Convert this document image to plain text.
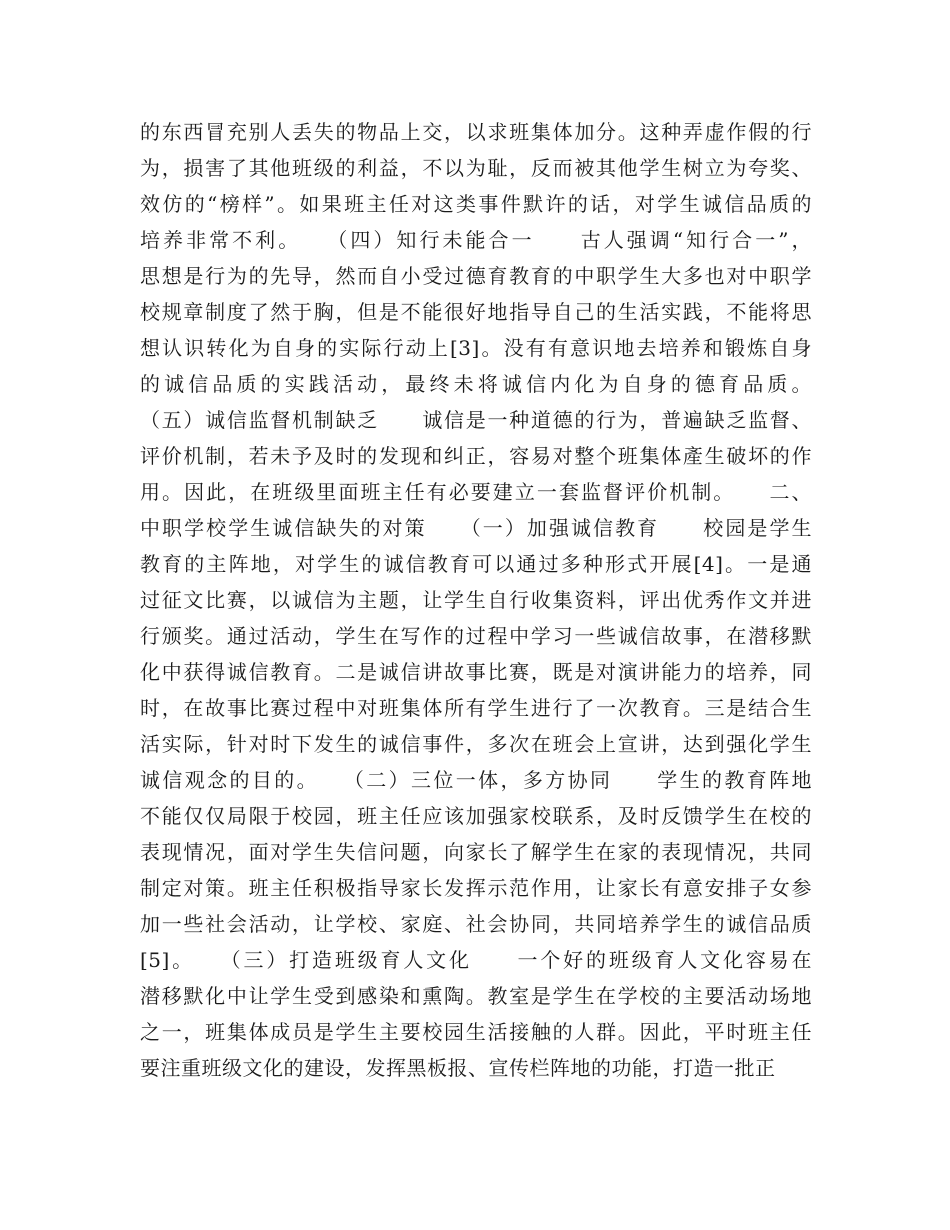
的东西冒充别人丢失的物品上交，以求班集体加分。这种弄虚作假的行
为，损害了其他班级的利益，不以为耻，反而被其他学生树立为夸奖、
效仿的“榜样”。如果班主任对这类事件默许的话，对学生诚信品质的
培养非常不利。　　（四）知行未能合一　　古人强调“知行合一”，
思想是行为的先导，然而自小受过德育教育的中职学生大多也对中职学
校规章制度了然于胸，但是不能很好地指导自己的生活实践，不能将思
想认识转化为自身的实际行动上[3]。没有有意识地去培养和锻炼自身
的诚信品质的实践活动，最终未将诚信内化为自身的德育品质。
（五）诚信监督机制缺乏　　诚信是一种道德的行为，普遍缺乏监督、
评价机制，若未予及时的发现和纠正，容易对整个班集体產生破坏的作
用。因此，在班级里面班主任有必要建立一套监督评价机制。　　二、
中职学校学生诚信缺失的对策　　（一）加强诚信教育　　校园是学生
教育的主阵地，对学生的诚信教育可以通过多种形式开展[4]。一是通
过征文比赛，以诚信为主题，让学生自行收集资料，评出优秀作文并进
行颁奖。通过活动，学生在写作的过程中学习一些诚信故事，在潜移默
化中获得诚信教育。二是诚信讲故事比赛，既是对演讲能力的培养，同
时，在故事比赛过程中对班集体所有学生进行了一次教育。三是结合生
活实际，针对时下发生的诚信事件，多次在班会上宣讲，达到强化学生
诚信观念的目的。　　（二）三位一体，多方协同　　学生的教育阵地
不能仅仅局限于校园，班主任应该加强家校联系，及时反馈学生在校的
表现情况，面对学生失信问题，向家长了解学生在家的表现情况，共同
制定对策。班主任积极指导家长发挥示范作用，让家长有意安排子女参
加一些社会活动，让学校、家庭、社会协同，共同培养学生的诚信品质
[5]。　　（三）打造班级育人文化　　一个好的班级育人文化容易在
潜移默化中让学生受到感染和熏陶。教室是学生在学校的主要活动场地
之一，班集体成员是学生主要校园生活接触的人群。因此，平时班主任
要注重班级文化的建设，发挥黑板报、宣传栏阵地的功能，打造一批正
